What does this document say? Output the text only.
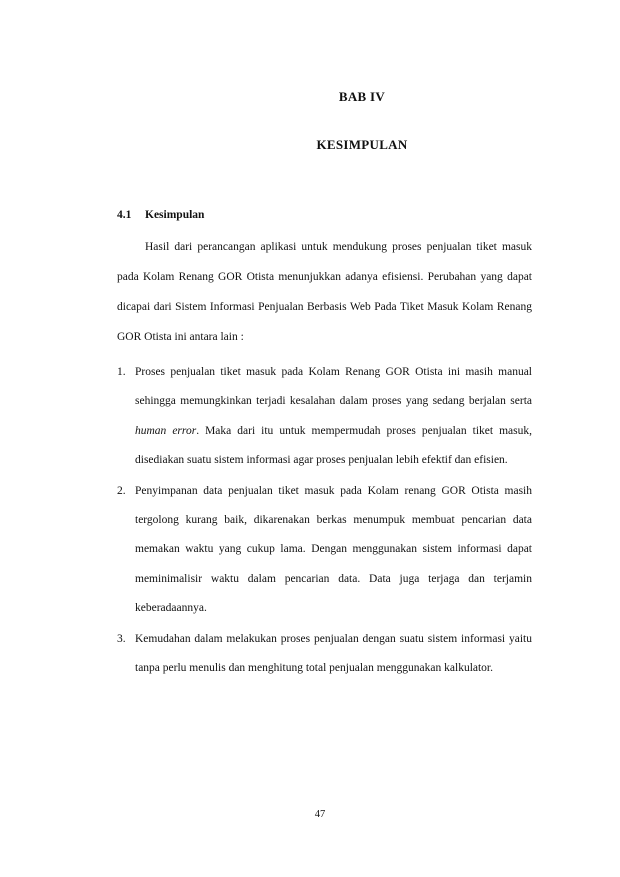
BAB IV
KESIMPULAN
4.1 Kesimpulan

Hasil dari perancangan aplikasi untuk mendukung proses penjualan tiket masuk pada Kolam Renang GOR Otista menunjukkan adanya efisiensi. Perubahan yang dapat dicapai dari Sistem Informasi Penjualan Berbasis Web Pada Tiket Masuk Kolam Renang GOR Otista ini antara lain :

1. Proses penjualan tiket masuk pada Kolam Renang GOR Otista ini masih manual sehingga memungkinkan terjadi kesalahan dalam proses yang sedang berjalan serta human error. Maka dari itu untuk mempermudah proses penjualan tiket masuk, disediakan suatu sistem informasi agar proses penjualan lebih efektif dan efisien.
2. Penyimpanan data penjualan tiket masuk pada Kolam renang GOR Otista masih tergolong kurang baik, dikarenakan berkas menumpuk membuat pencarian data memakan waktu yang cukup lama. Dengan menggunakan sistem informasi dapat meminimalisir waktu dalam pencarian data. Data juga terjaga dan terjamin keberadaannya.
3. Kemudahan dalam melakukan proses penjualan dengan suatu sistem informasi yaitu tanpa perlu menulis dan menghitung total penjualan menggunakan kalkulator.
47
